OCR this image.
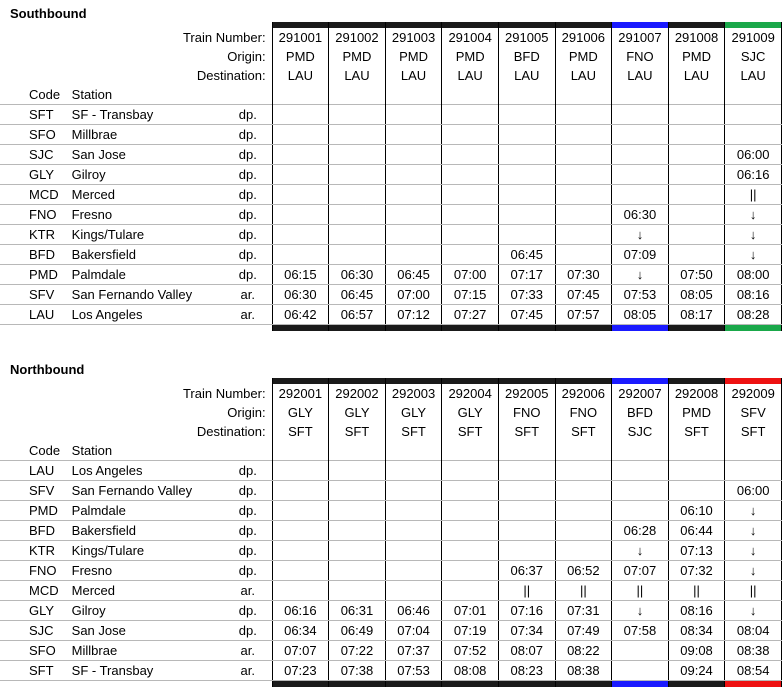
Southbound

Train Number:			291001	291002	291003	291004	291005	291006	291007	291008	291009
Origin:			PMD	PMD	PMD	PMD	BFD	PMD	FNO	PMD	SJC
Destination:			LAU	LAU	LAU	LAU	LAU	LAU	LAU	LAU	LAU
Code	Station										
SFT	SF - Transbay	dp.									
SFO	Millbrae	dp.									
SJC	San Jose	dp.									06:00
GLY	Gilroy	dp.									06:16
MCD	Merced	dp.									||
FNO	Fresno	dp.							06:30		↓
KTR	Kings/Tulare	dp.							↓		↓
BFD	Bakersfield	dp.					06:45		07:09		↓
PMD	Palmdale	dp.	06:15	06:30	06:45	07:00	07:17	07:30	↓	07:50	08:00
SFV	San Fernando Valley	ar.	06:30	06:45	07:00	07:15	07:33	07:45	07:53	08:05	08:16
LAU	Los Angeles	ar.	06:42	06:57	07:12	07:27	07:45	07:57	08:05	08:17	08:28

Northbound

Train Number:			292001	292002	292003	292004	292005	292006	292007	292008	292009
Origin:			GLY	GLY	GLY	GLY	FNO	FNO	BFD	PMD	SFV
Destination:			SFT	SFT	SFT	SFT	SFT	SFT	SJC	SFT	SFT
Code	Station										
LAU	Los Angeles	dp.									
SFV	San Fernando Valley	dp.									06:00
PMD	Palmdale	dp.								06:10	↓
BFD	Bakersfield	dp.							06:28	06:44	↓
KTR	Kings/Tulare	dp.							↓	07:13	↓
FNO	Fresno	dp.					06:37	06:52	07:07	07:32	↓
MCD	Merced	ar.					||	||	||	||	||
GLY	Gilroy	dp.	06:16	06:31	06:46	07:01	07:16	07:31	↓	08:16	↓
SJC	San Jose	dp.	06:34	06:49	07:04	07:19	07:34	07:49	07:58	08:34	08:04
SFO	Millbrae	ar.	07:07	07:22	07:37	07:52	08:07	08:22		09:08	08:38
SFT	SF - Transbay	ar.	07:23	07:38	07:53	08:08	08:23	08:38		09:24	08:54
